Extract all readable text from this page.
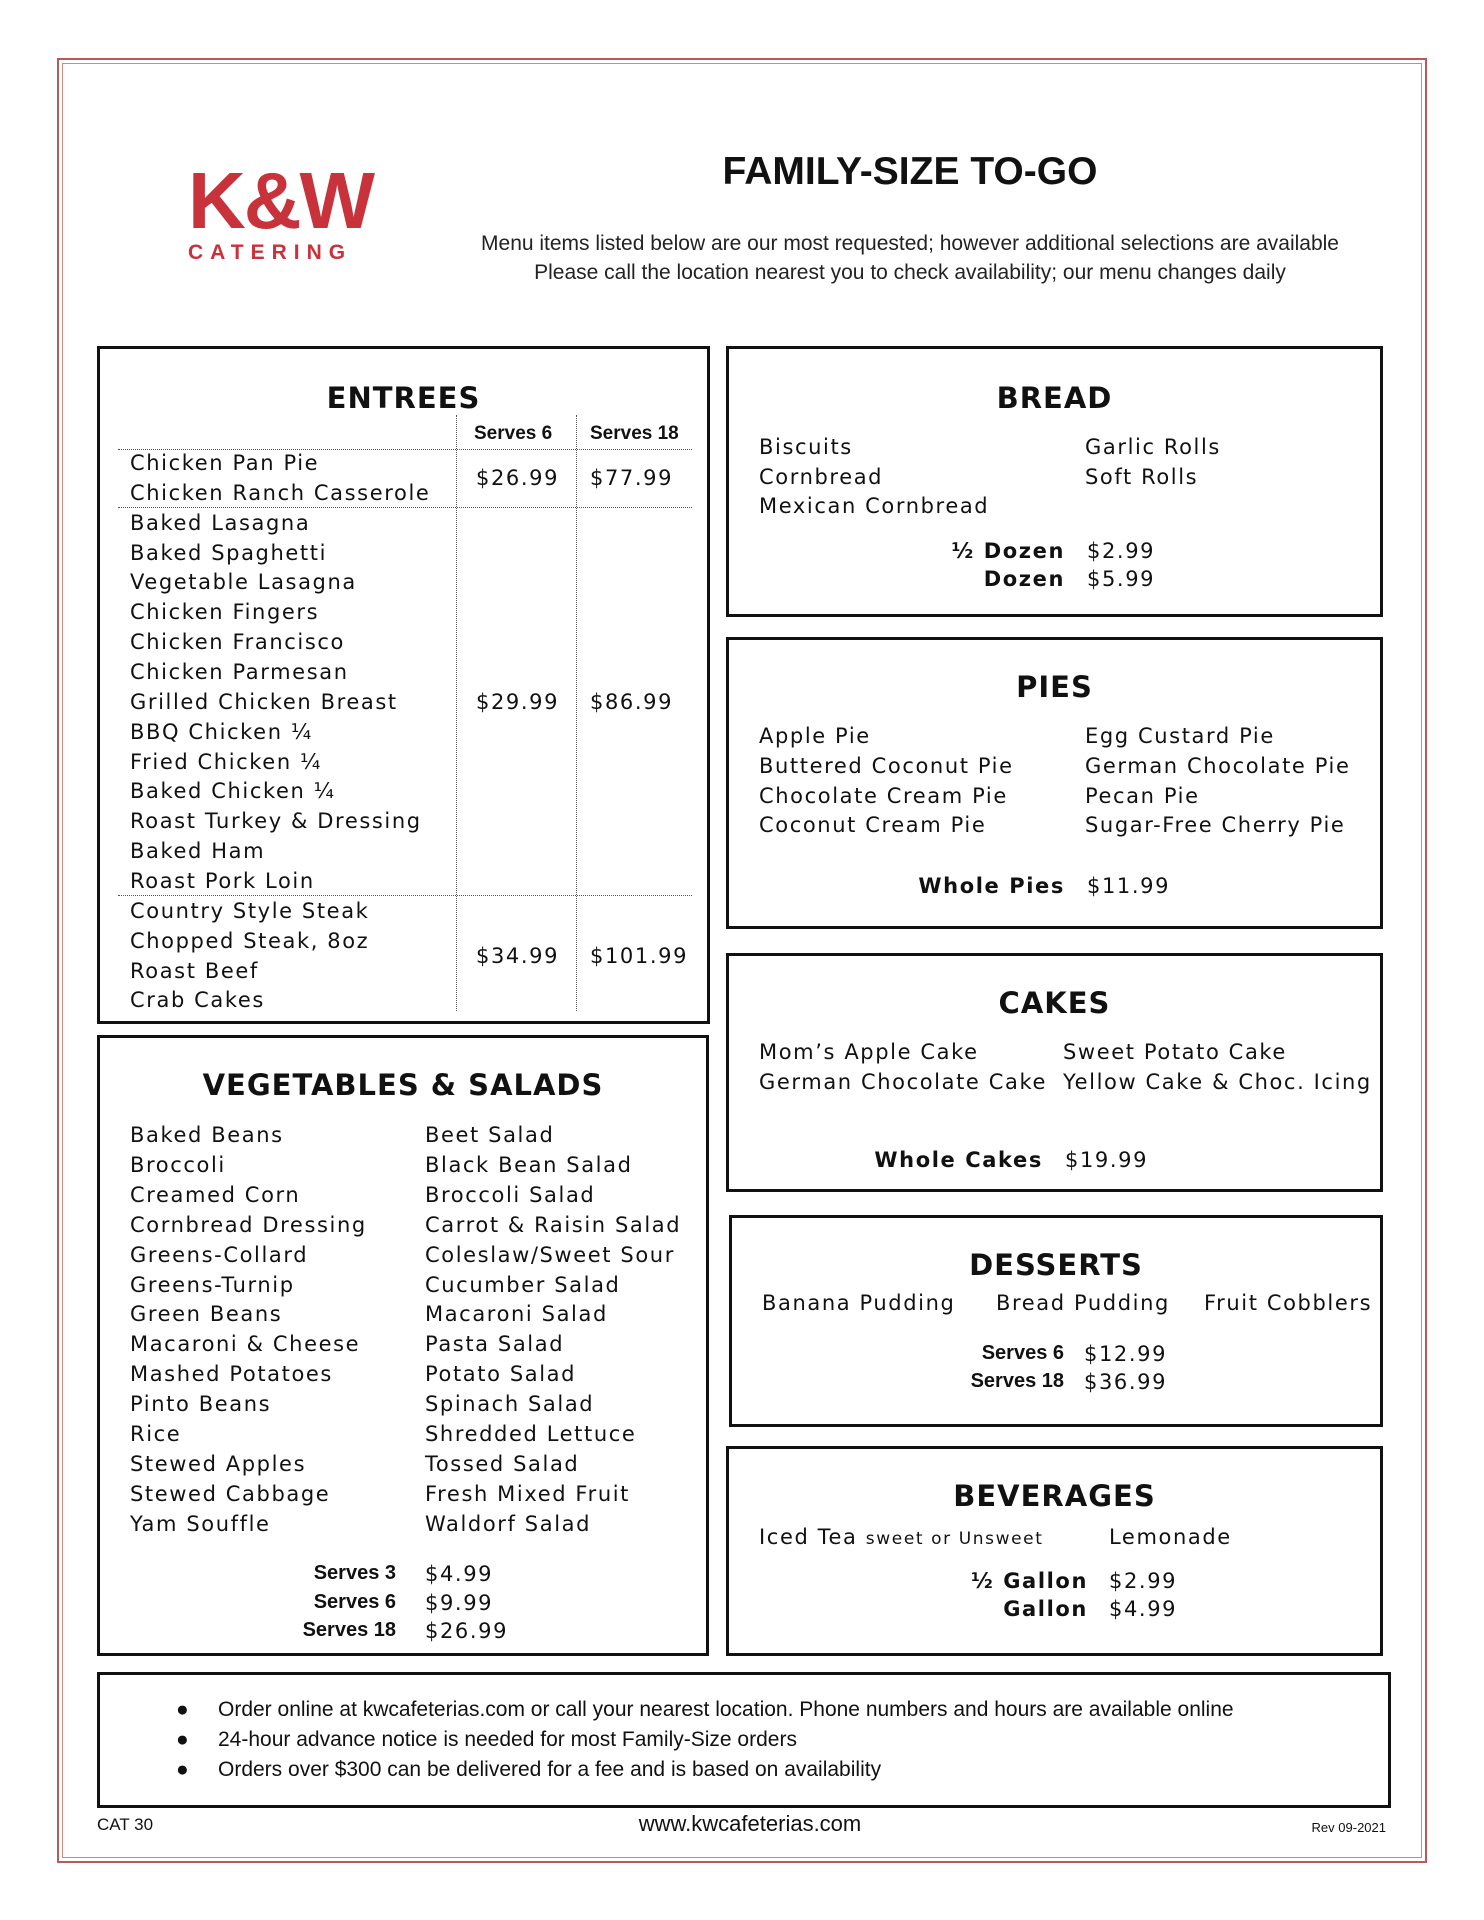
K&W
CATERING
FAMILY-SIZE TO-GO
Menu items listed below are our most requested; however additional selections are available
Please call the location nearest you to check availability; our menu changes daily
ENTREES
Serves 6 Serves 18
Chicken Pan Pie
Chicken Ranch Casserole
$26.99 $77.99
Baked Lasagna
Baked Spaghetti
Vegetable Lasagna
Chicken Fingers
Chicken Francisco
Chicken Parmesan
Grilled Chicken Breast
BBQ Chicken ¼
Fried Chicken ¼
Baked Chicken ¼
Roast Turkey & Dressing
Baked Ham
Roast Pork Loin
$29.99 $86.99
Country Style Steak
Chopped Steak, 8oz
Roast Beef
Crab Cakes
$34.99 $101.99
VEGETABLES & SALADS
Baked Beans
Broccoli
Creamed Corn
Cornbread Dressing
Greens-Collard
Greens-Turnip
Green Beans
Macaroni & Cheese
Mashed Potatoes
Pinto Beans
Rice
Stewed Apples
Stewed Cabbage
Yam Souffle
Beet Salad
Black Bean Salad
Broccoli Salad
Carrot & Raisin Salad
Coleslaw/Sweet Sour
Cucumber Salad
Macaroni Salad
Pasta Salad
Potato Salad
Spinach Salad
Shredded Lettuce
Tossed Salad
Fresh Mixed Fruit
Waldorf Salad
Serves 3 $4.99
Serves 6 $9.99
Serves 18 $26.99
BREAD
Biscuits
Cornbread
Mexican Cornbread
Garlic Rolls
Soft Rolls
½ Dozen $2.99
Dozen $5.99
PIES
Apple Pie
Buttered Coconut Pie
Chocolate Cream Pie
Coconut Cream Pie
Egg Custard Pie
German Chocolate Pie
Pecan Pie
Sugar-Free Cherry Pie
Whole Pies $11.99
CAKES
Mom’s Apple Cake
German Chocolate Cake
Sweet Potato Cake
Yellow Cake & Choc. Icing
Whole Cakes $19.99
DESSERTS
Banana Pudding Bread Pudding Fruit Cobblers
Serves 6 $12.99
Serves 18 $36.99
BEVERAGES
Iced Tea sweet or Unsweet	Lemonade
½ Gallon $2.99
Gallon $4.99
● Order online at kwcafeterias.com or call your nearest location. Phone numbers and hours are available online
● 24-hour advance notice is needed for most Family-Size orders
● Orders over $300 can be delivered for a fee and is based on availability
CAT 30	www.kwcafeterias.com	Rev 09-2021
